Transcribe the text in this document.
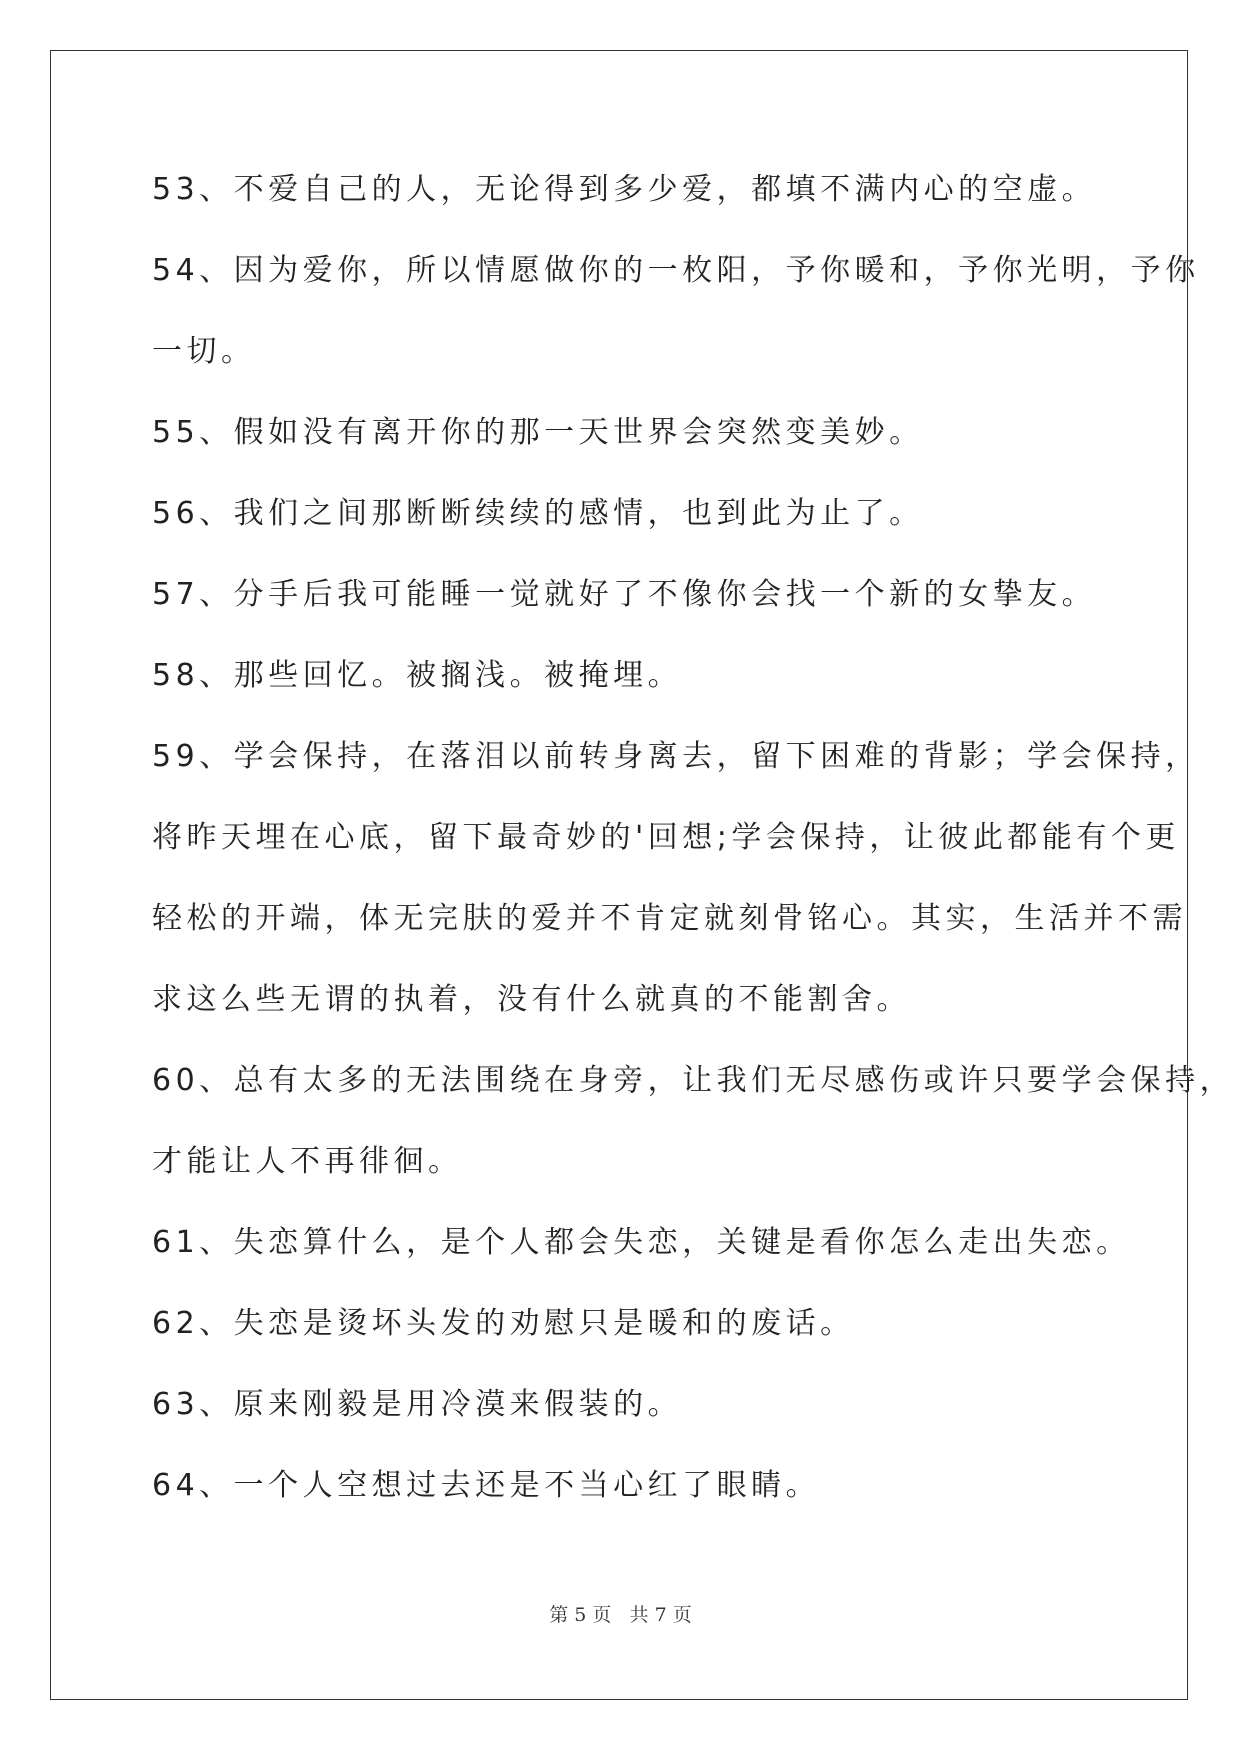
53、不爱自己的人，无论得到多少爱，都填不满内心的空虚。
54、因为爱你，所以情愿做你的一枚阳，予你暖和，予你光明，予你
一切。
55、假如没有离开你的那一天世界会突然变美妙。
56、我们之间那断断续续的感情，也到此为止了。
57、分手后我可能睡一觉就好了不像你会找一个新的女挚友。
58、那些回忆。被搁浅。被掩埋。
59、学会保持，在落泪以前转身离去，留下困难的背影；学会保持，
将昨天埋在心底，留下最奇妙的'回想;学会保持，让彼此都能有个更
轻松的开端，体无完肤的爱并不肯定就刻骨铭心。其实，生活并不需
求这么些无谓的执着，没有什么就真的不能割舍。
60、总有太多的无法围绕在身旁，让我们无尽感伤或许只要学会保持，
才能让人不再徘徊。
61、失恋算什么，是个人都会失恋，关键是看你怎么走出失恋。
62、失恋是烫坏头发的劝慰只是暖和的废话。
63、原来刚毅是用冷漠来假装的。
64、一个人空想过去还是不当心红了眼睛。
第 5 页   共 7 页
